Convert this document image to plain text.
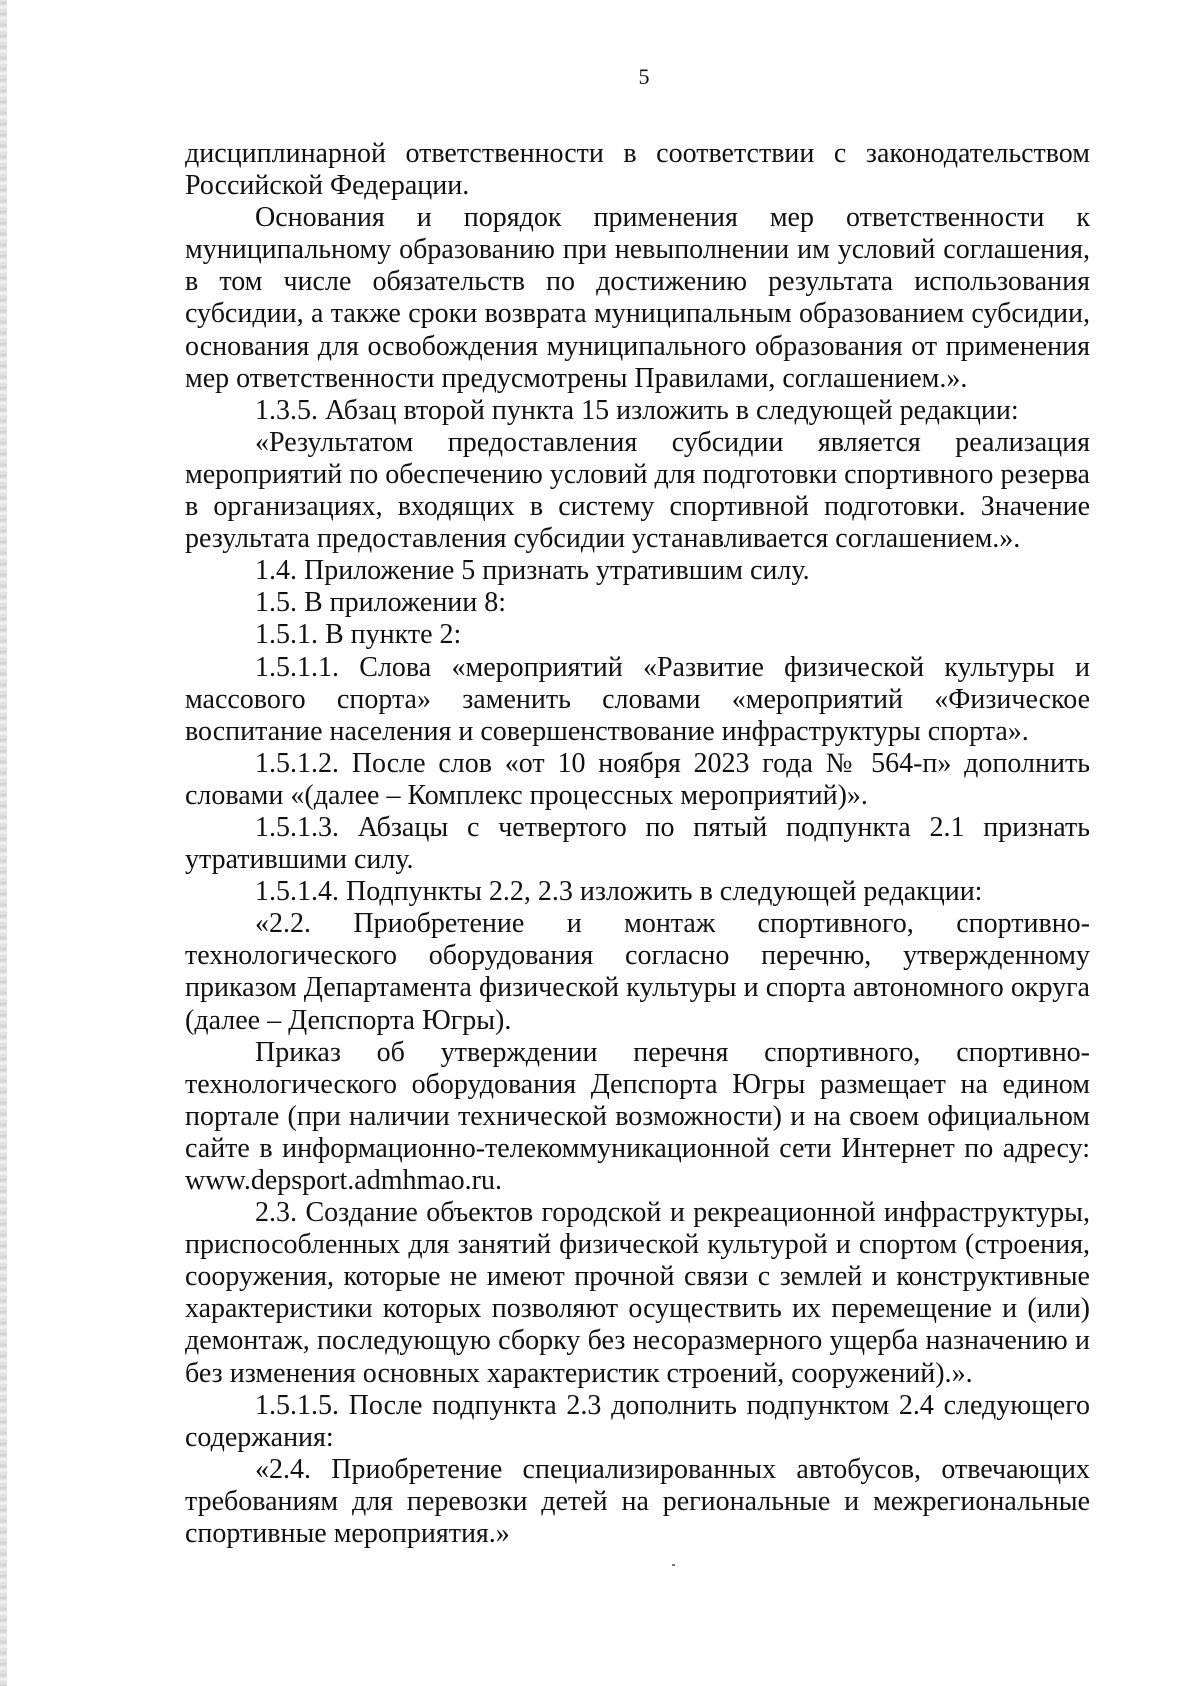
5
дисциплинарной ответственности в соответствии с законодательством
Российской Федерации.
Основания и порядок применения мер ответственности к
муниципальному образованию при невыполнении им условий соглашения,
в том числе обязательств по достижению результата использования
субсидии, а также сроки возврата муниципальным образованием субсидии,
основания для освобождения муниципального образования от применения
мер ответственности предусмотрены Правилами, соглашением.».
1.3.5. Абзац второй пункта 15 изложить в следующей редакции:
«Результатом предоставления субсидии является реализация
мероприятий по обеспечению условий для подготовки спортивного резерва
в организациях, входящих в систему спортивной подготовки. Значение
результата предоставления субсидии устанавливается соглашением.».
1.4. Приложение 5 признать утратившим силу.
1.5. В приложении 8:
1.5.1. В пункте 2:
1.5.1.1. Слова «мероприятий «Развитие физической культуры и
массового спорта» заменить словами «мероприятий «Физическое
воспитание населения и совершенствование инфраструктуры спорта».
1.5.1.2. После слов «от 10 ноября 2023 года № 564-п» дополнить
словами «(далее – Комплекс процессных мероприятий)».
1.5.1.3. Абзацы с четвертого по пятый подпункта 2.1 признать
утратившими силу.
1.5.1.4. Подпункты 2.2, 2.3 изложить в следующей редакции:
«2.2. Приобретение и монтаж спортивного, спортивно-
технологического оборудования согласно перечню, утвержденному
приказом Департамента физической культуры и спорта автономного округа
(далее – Депспорта Югры).
Приказ об утверждении перечня спортивного, спортивно-
технологического оборудования Депспорта Югры размещает на едином
портале (при наличии технической возможности) и на своем официальном
сайте в информационно-телекоммуникационной сети Интернет по адресу:
www.depsport.admhmao.ru.
2.3. Создание объектов городской и рекреационной инфраструктуры,
приспособленных для занятий физической культурой и спортом (строения,
сооружения, которые не имеют прочной связи с землей и конструктивные
характеристики которых позволяют осуществить их перемещение и (или)
демонтаж, последующую сборку без несоразмерного ущерба назначению и
без изменения основных характеристик строений, сооружений).».
1.5.1.5. После подпункта 2.3 дополнить подпунктом 2.4 следующего
содержания:
«2.4. Приобретение специализированных автобусов, отвечающих
требованиям для перевозки детей на региональные и межрегиональные
спортивные мероприятия.»
